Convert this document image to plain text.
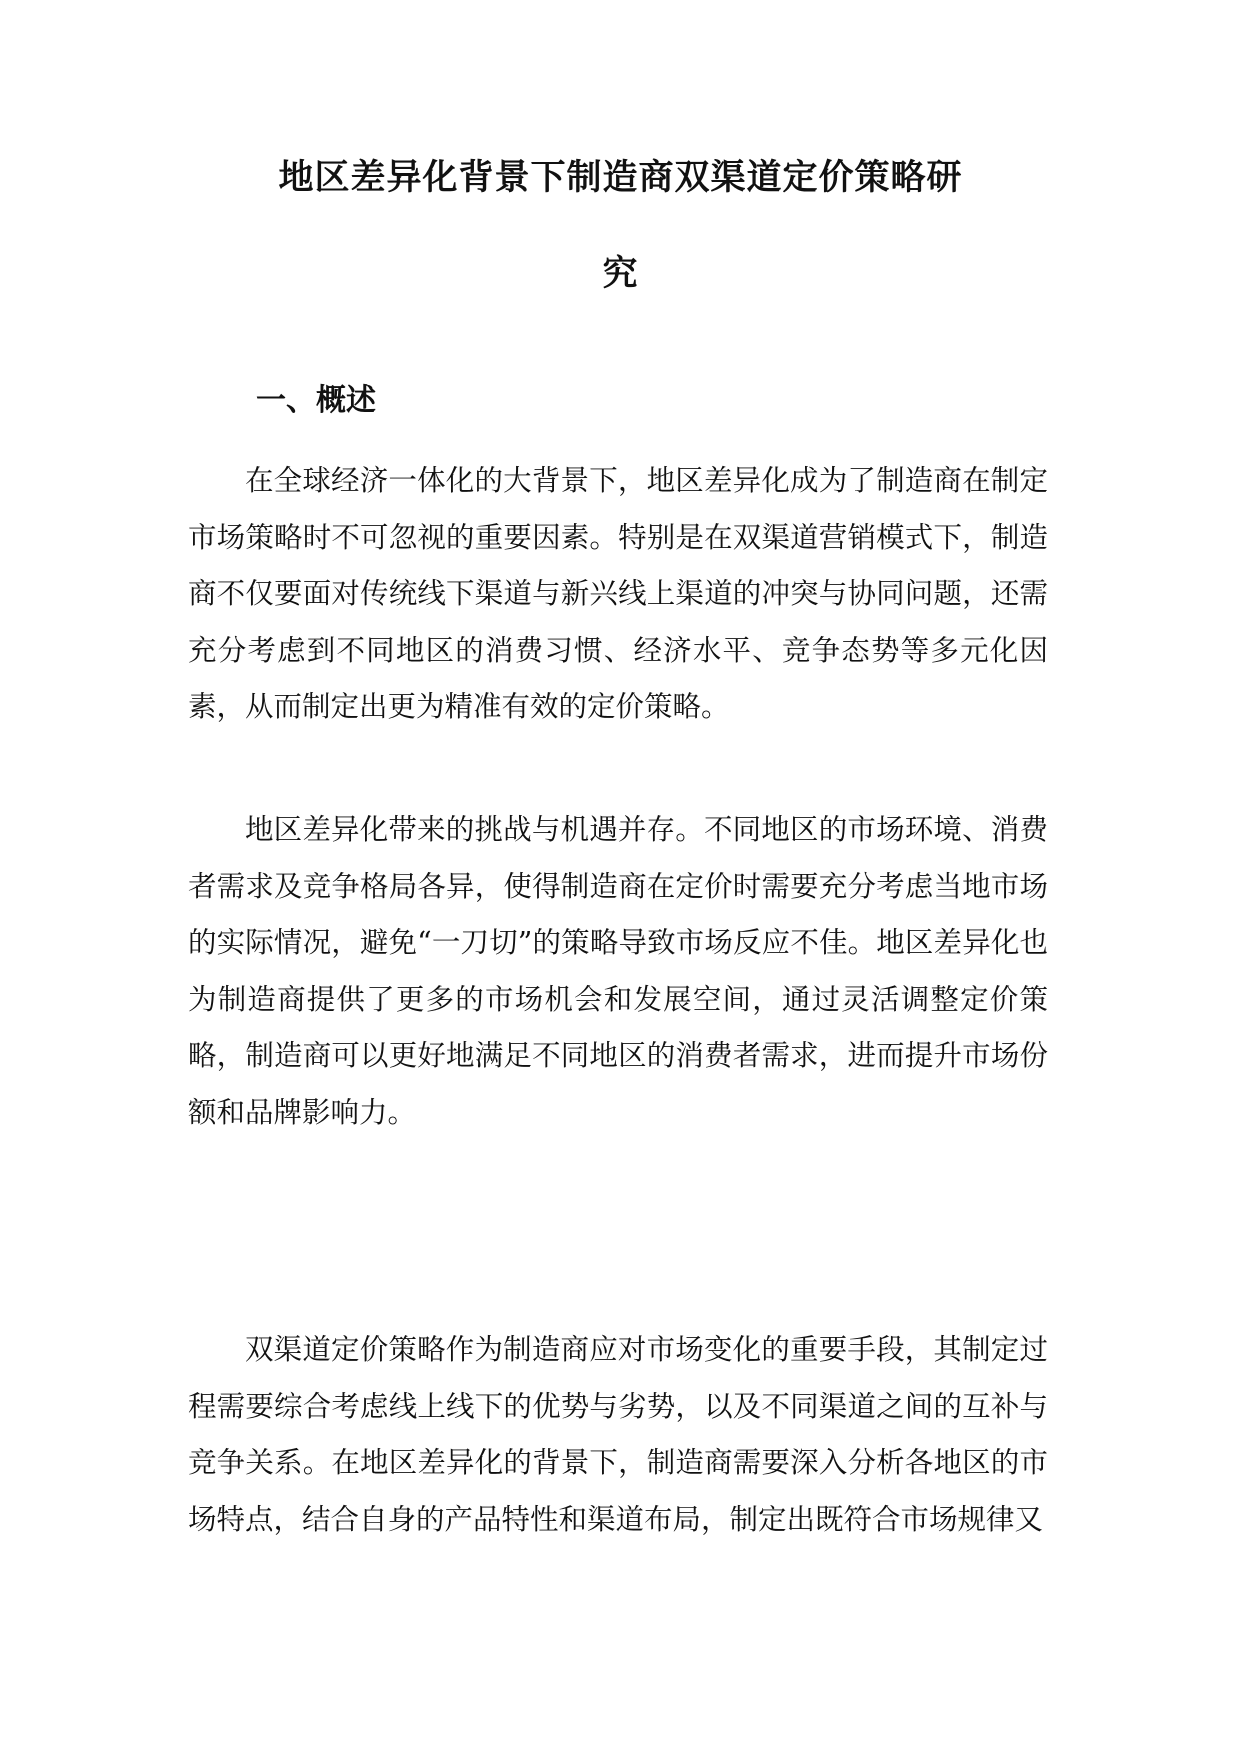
地区差异化背景下制造商双渠道定价策略研
究
一、概述

在全球经济一体化的大背景下，地区差异化成为了制造商在制定市场策略时不可忽视的重要因素。特别是在双渠道营销模式下，制造商不仅要面对传统线下渠道与新兴线上渠道的冲突与协同问题，还需充分考虑到不同地区的消费习惯、经济水平、竞争态势等多元化因素，从而制定出更为精准有效的定价策略。

地区差异化带来的挑战与机遇并存。不同地区的市场环境、消费者需求及竞争格局各异，使得制造商在定价时需要充分考虑当地市场的实际情况，避免“一刀切”的策略导致市场反应不佳。地区差异化也为制造商提供了更多的市场机会和发展空间，通过灵活调整定价策略，制造商可以更好地满足不同地区的消费者需求，进而提升市场份额和品牌影响力。

双渠道定价策略作为制造商应对市场变化的重要手段，其制定过程需要综合考虑线上线下的优势与劣势，以及不同渠道之间的互补与竞争关系。在地区差异化的背景下，制造商需要深入分析各地区的市场特点，结合自身的产品特性和渠道布局，制定出既符合市场规律又
